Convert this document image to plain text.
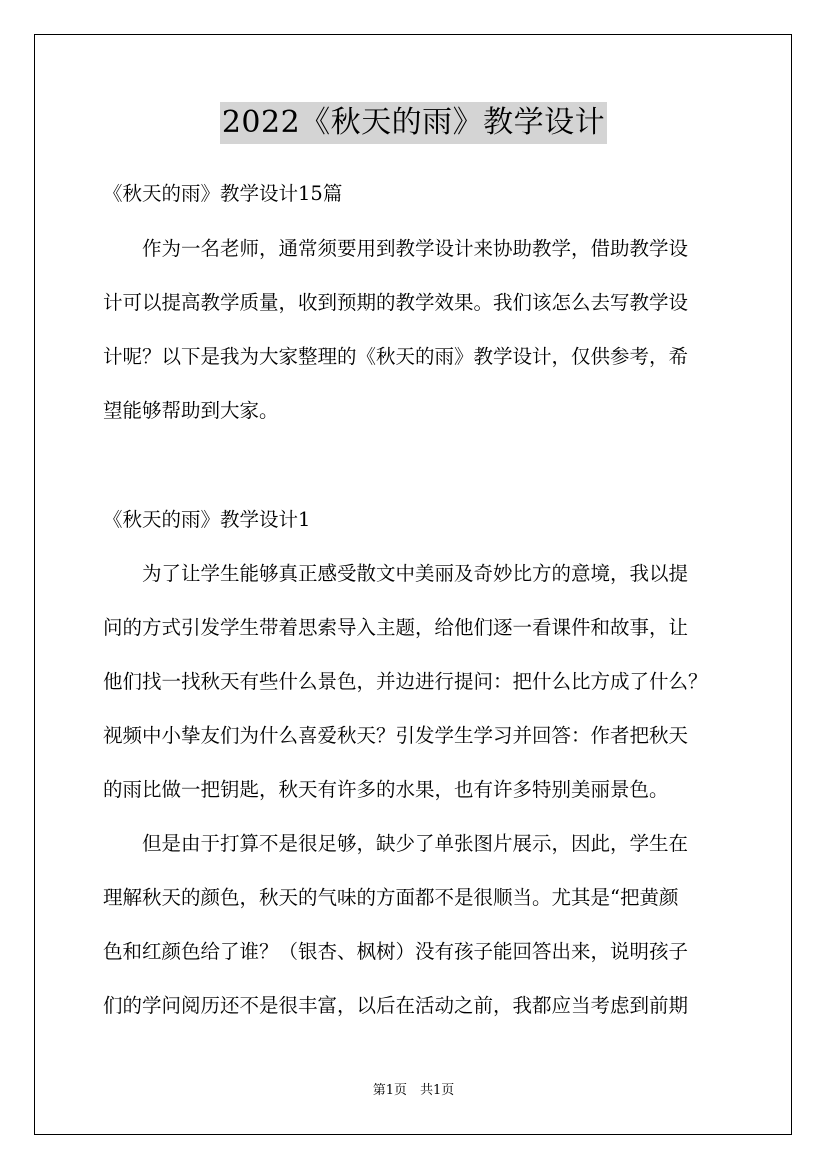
2022《秋天的雨》教学设计
《秋天的雨》教学设计15篇
　　作为一名老师，通常须要用到教学设计来协助教学，借助教学设
计可以提高教学质量，收到预期的教学效果。我们该怎么去写教学设
计呢？以下是我为大家整理的《秋天的雨》教学设计，仅供参考，希
望能够帮助到大家。
《秋天的雨》教学设计1
　　为了让学生能够真正感受散文中美丽及奇妙比方的意境，我以提
问的方式引发学生带着思索导入主题，给他们逐一看课件和故事，让
他们找一找秋天有些什么景色，并边进行提问：把什么比方成了什么？
视频中小挚友们为什么喜爱秋天？引发学生学习并回答：作者把秋天
的雨比做一把钥匙，秋天有许多的水果，也有许多特别美丽景色。
　　但是由于打算不是很足够，缺少了单张图片展示，因此，学生在
理解秋天的颜色，秋天的气味的方面都不是很顺当。尤其是“把黄颜
色和红颜色给了谁？（银杏、枫树）没有孩子能回答出来，说明孩子
们的学问阅历还不是很丰富，以后在活动之前，我都应当考虑到前期
第1页　共1页
